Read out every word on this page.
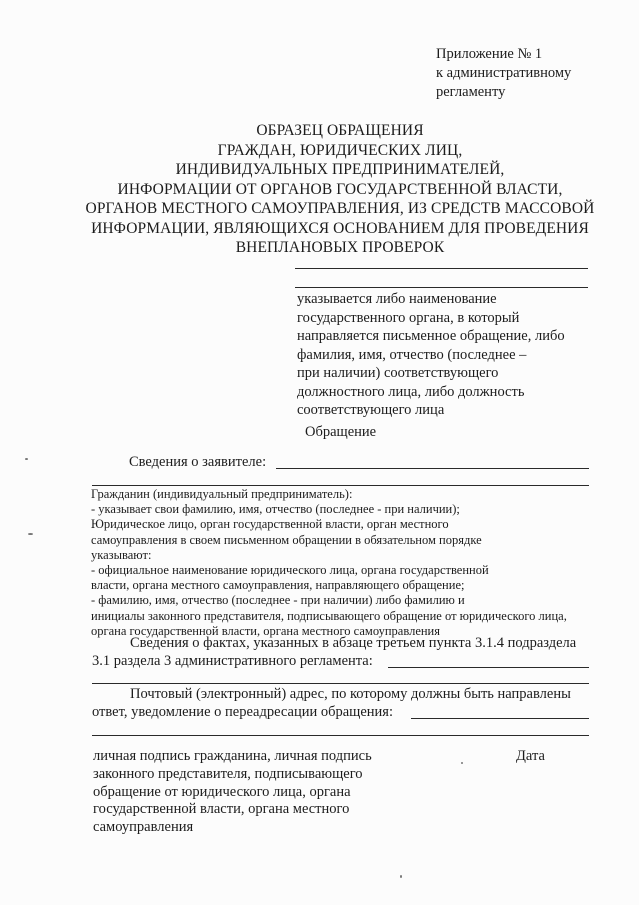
Приложение № 1
к административному
регламенту
ОБРАЗЕЦ ОБРАЩЕНИЯ
ГРАЖДАН, ЮРИДИЧЕСКИХ ЛИЦ,
ИНДИВИДУАЛЬНЫХ ПРЕДПРИНИМАТЕЛЕЙ,
ИНФОРМАЦИИ ОТ ОРГАНОВ ГОСУДАРСТВЕННОЙ ВЛАСТИ,
ОРГАНОВ МЕСТНОГО САМОУПРАВЛЕНИЯ, ИЗ СРЕДСТВ МАССОВОЙ
ИНФОРМАЦИИ, ЯВЛЯЮЩИХСЯ ОСНОВАНИЕМ ДЛЯ ПРОВЕДЕНИЯ
ВНЕПЛАНОВЫХ ПРОВЕРОК
указывается либо наименование
государственного органа, в который
направляется письменное обращение, либо
фамилия, имя, отчество (последнее –
при наличии) соответствующего
должностного лица, либо должность
соответствующего лица
Обращение
Сведения о заявителе:
Гражданин (индивидуальный предприниматель):
- указывает свои фамилию, имя, отчество (последнее - при наличии);
Юридическое лицо, орган государственной власти, орган местного
самоуправления в своем письменном обращении в обязательном порядке
указывают:
- официальное наименование юридического лица, органа государственной
власти, органа местного самоуправления, направляющего обращение;
- фамилию, имя, отчество (последнее - при наличии) либо фамилию и
инициалы законного представителя, подписывающего обращение от юридического лица,
органа государственной власти, органа местного самоуправления
Сведения о фактах, указанных в абзаце третьем пункта 3.1.4 подраздела
3.1 раздела 3 административного регламента:
Почтовый (электронный) адрес, по которому должны быть направлены
ответ, уведомление о переадресации обращения:
личная подпись гражданина, личная подпись
законного представителя, подписывающего
обращение от юридического лица, органа
государственной власти, органа местного
самоуправления
Дата
